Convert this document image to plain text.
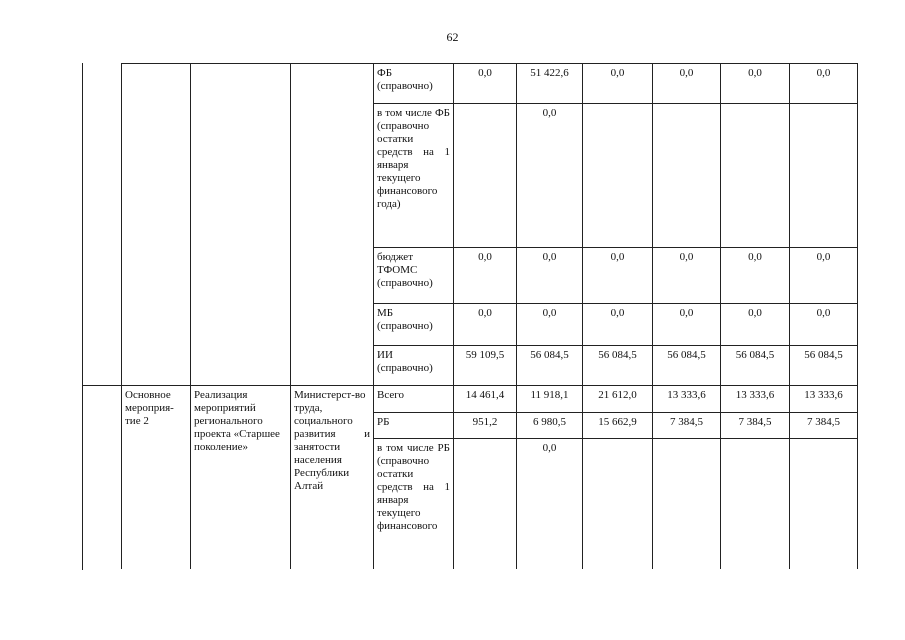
62
			ФБ (справочно)	0,0	51 422,6	0,0	0,0	0,0	0,0
			в том числе ФБ (справочно остатки средств на 1 января текущего финансового года)		0,0				
			бюджет ТФОМС (справочно)	0,0	0,0	0,0	0,0	0,0	0,0
			МБ (справочно)	0,0	0,0	0,0	0,0	0,0	0,0
			ИИ (справочно)	59 109,5	56 084,5	56 084,5	56 084,5	56 084,5	56 084,5
Основное мероприя-тие 2	Реализация мероприятий регионального проекта «Старшее поколение»	Министерст-во труда, социального развития и занятости населения Республики Алтай	Всего	14 461,4	11 918,1	21 612,0	13 333,6	13 333,6	13 333,6
			РБ	951,2	6 980,5	15 662,9	7 384,5	7 384,5	7 384,5
			в том числе РБ (справочно остатки средств на 1 января текущего финансового		0,0				
